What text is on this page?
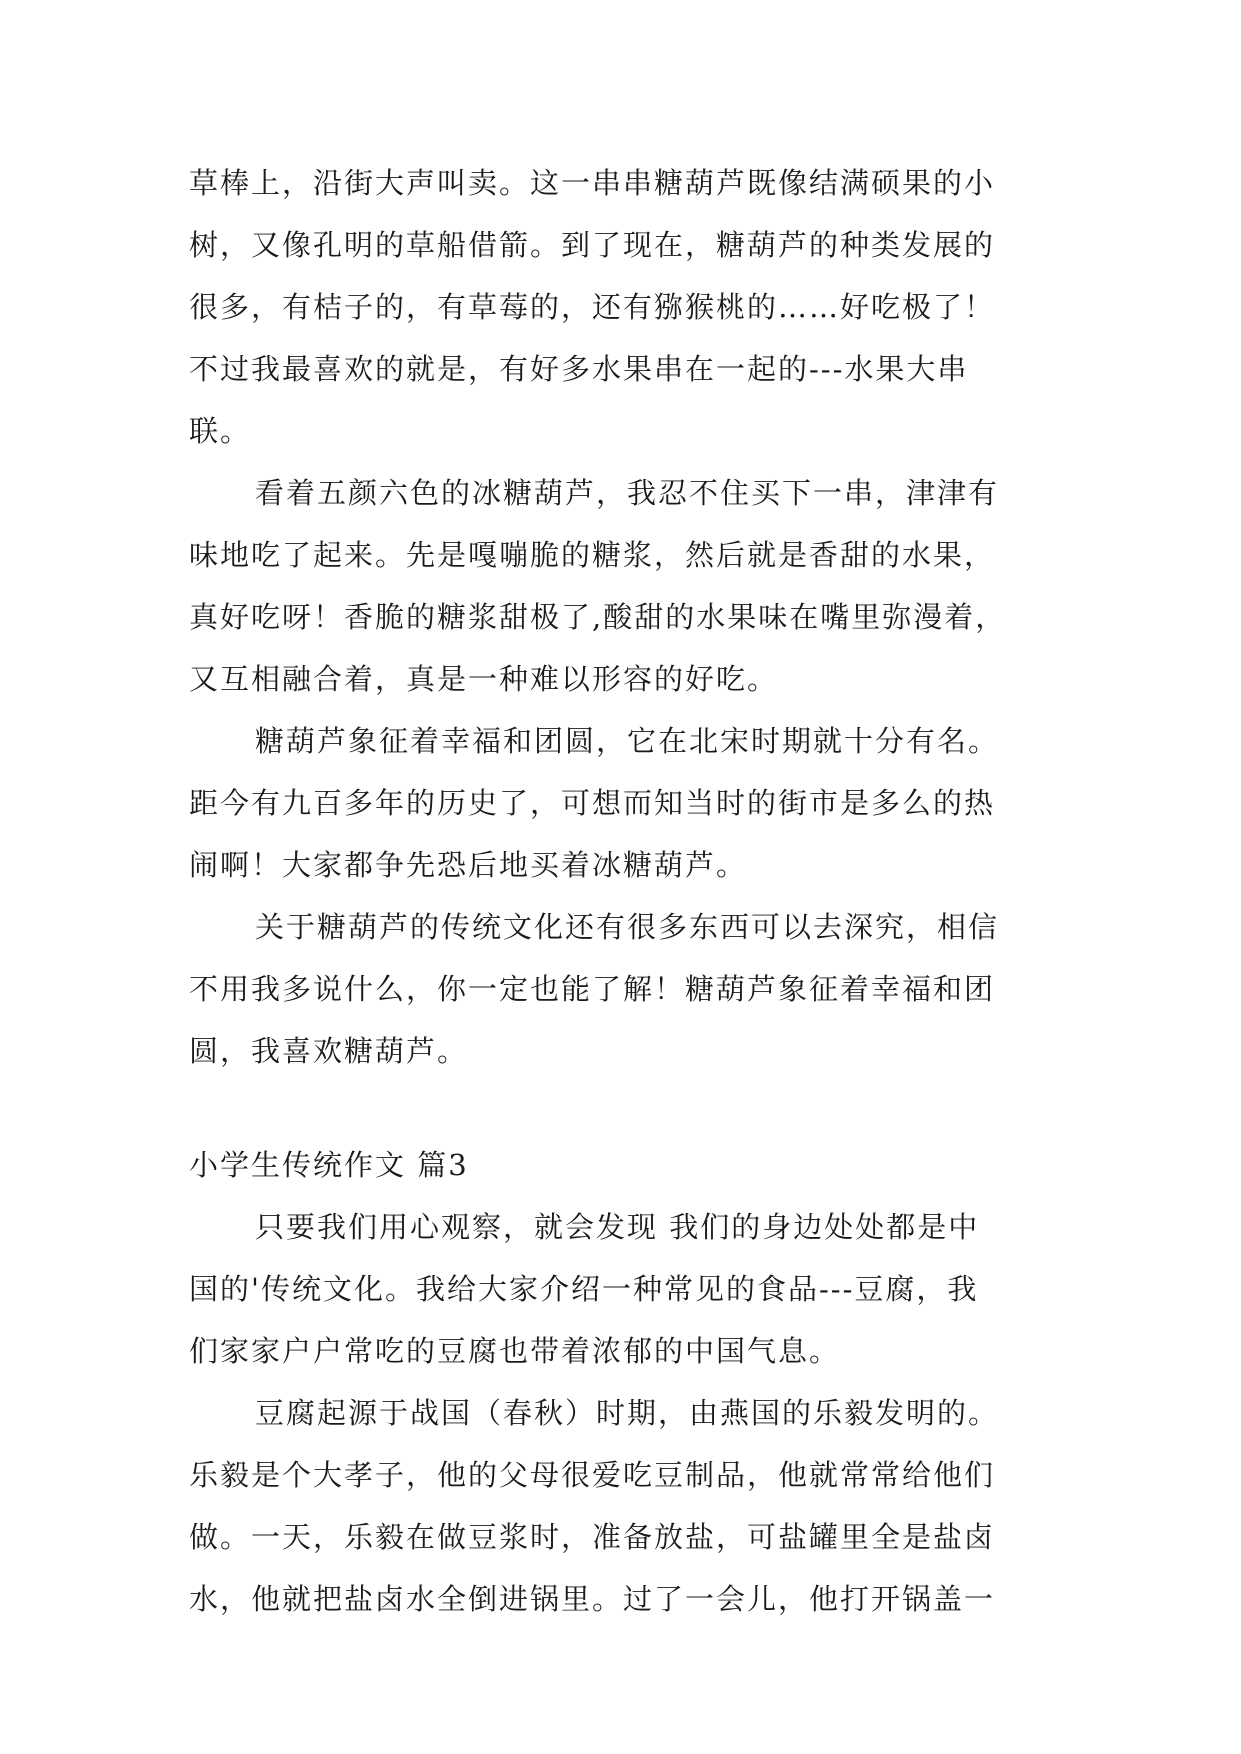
草棒上，沿街大声叫卖。这一串串糖葫芦既像结满硕果的小
树，又像孔明的草船借箭。到了现在，糖葫芦的种类发展的
很多，有桔子的，有草莓的，还有猕猴桃的……好吃极了！
不过我最喜欢的就是，有好多水果串在一起的---水果大串
联。
看着五颜六色的冰糖葫芦，我忍不住买下一串，津津有
味地吃了起来。先是嘎嘣脆的糖浆，然后就是香甜的水果，
真好吃呀！香脆的糖浆甜极了,酸甜的水果味在嘴里弥漫着，
又互相融合着，真是一种难以形容的好吃。
糖葫芦象征着幸福和团圆，它在北宋时期就十分有名。
距今有九百多年的历史了，可想而知当时的街市是多么的热
闹啊！大家都争先恐后地买着冰糖葫芦。
关于糖葫芦的传统文化还有很多东西可以去深究，相信
不用我多说什么，你一定也能了解！糖葫芦象征着幸福和团
圆，我喜欢糖葫芦。
小学生传统作文 篇3
只要我们用心观察，就会发现 我们的身边处处都是中
国的'传统文化。我给大家介绍一种常见的食品---豆腐，我
们家家户户常吃的豆腐也带着浓郁的中国气息。
豆腐起源于战国（春秋）时期，由燕国的乐毅发明的。
乐毅是个大孝子，他的父母很爱吃豆制品，他就常常给他们
做。一天，乐毅在做豆浆时，准备放盐，可盐罐里全是盐卤
水，他就把盐卤水全倒进锅里。过了一会儿，他打开锅盖一
